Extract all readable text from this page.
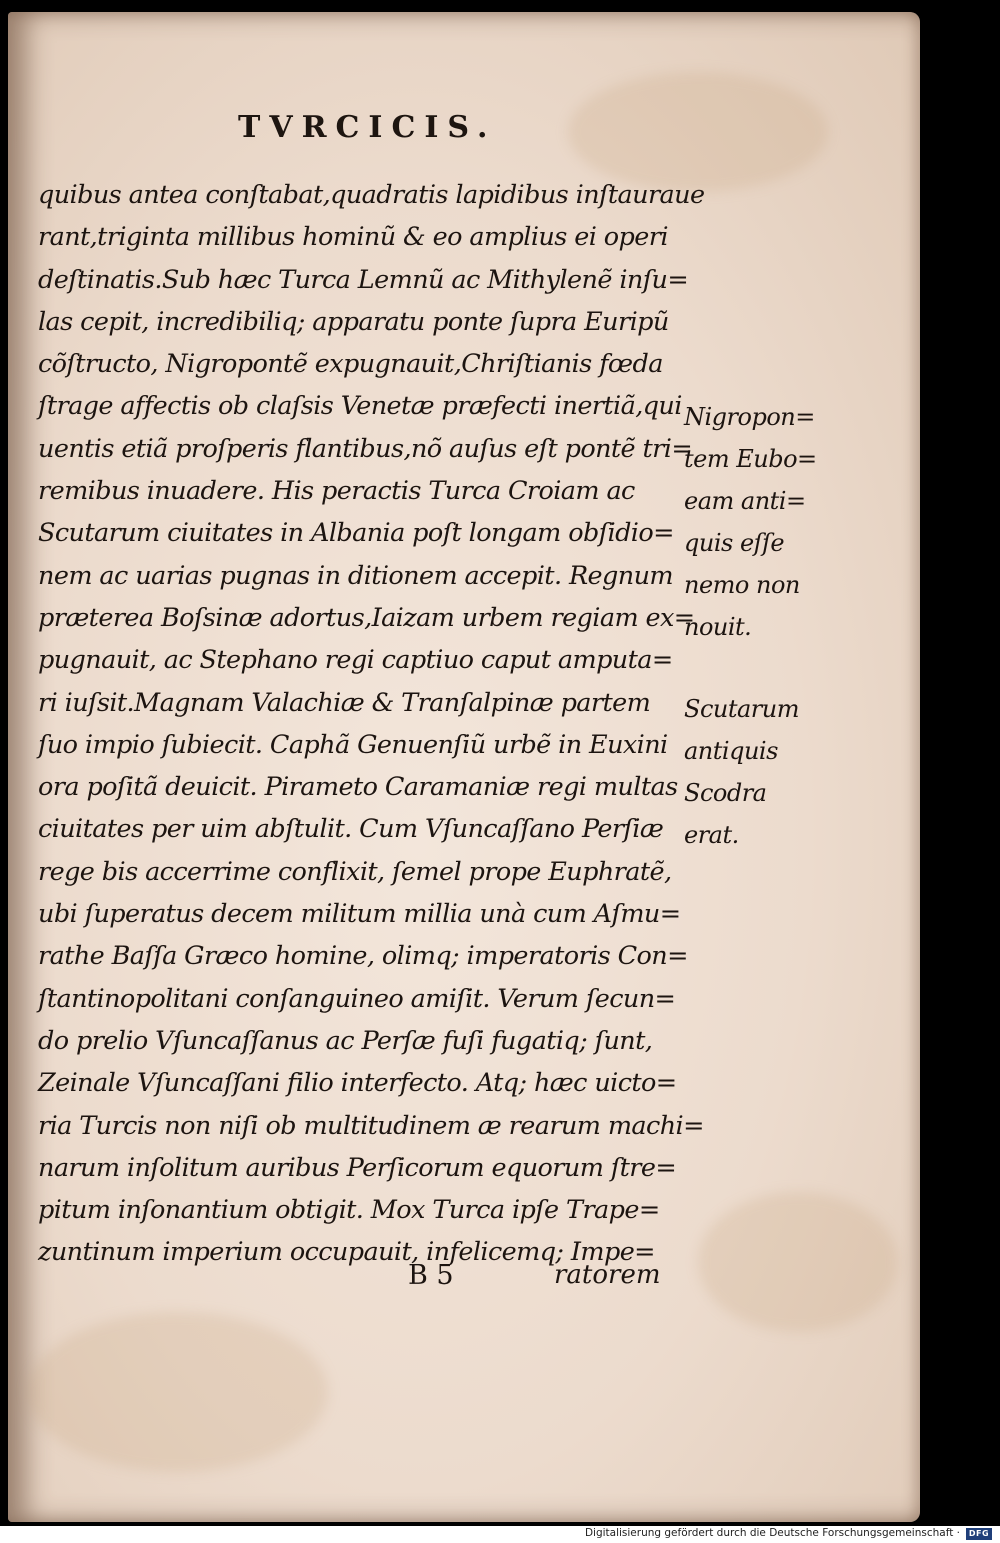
TVRCICIS.
quibus antea conſtabat,quadratis lapidibus inſtauraue
rant,triginta millibus hominũ & eo amplius ei operi
deſtinatis.Sub hæc Turca Lemnũ ac Mithylenẽ inſu=
las cepit, incredibiliq; apparatu ponte ſupra Euripũ
cõſtructo, Nigropontẽ expugnauit,Chriſtianis fœda
ſtrage affectis ob claſsis Venetæ præfecti inertiã,qui
uentis etiã proſperis flantibus,nõ auſus eſt pontẽ tri=
remibus inuadere. His peractis Turca Croiam ac
Scutarum ciuitates in Albania poſt longam obſidio=
nem ac uarias pugnas in ditionem accepit. Regnum
præterea Boſsinæ adortus,Iaizam urbem regiam ex=
pugnauit, ac Stephano regi captiuo caput amputa=
ri iuſsit.Magnam Valachiæ & Tranſalpinæ partem
ſuo impio ſubiecit. Caphã Genuenſiũ urbẽ in Euxini
ora poſitã deuicit. Pirameto Caramaniæ regi multas
ciuitates per uim abſtulit. Cum Vſuncaſſano Perſiæ
rege bis accerrime conflixit, ſemel prope Euphratẽ,
ubi ſuperatus decem militum millia unà cum Aſmu=
rathe Baſſa Græco homine, olimq; imperatoris Con=
ſtantinopolitani conſanguineo amiſit. Verum ſecun=
do prelio Vſuncaſſanus ac Perſæ fuſi fugatiq; ſunt,
Zeinale Vſuncaſſani filio interfecto. Atq; hæc uicto=
ria Turcis non niſi ob multitudinem æ rearum machi=
narum inſolitum auribus Perſicorum equorum ſtre=
pitum inſonantium obtigit. Mox Turca ipſe Trape=
zuntinum imperium occupauit, infelicemq; Impe=
Nigropon=
tem Eubo=
eam anti=
quis eſſe
nemo non
nouit.
Scutarum
antiquis
Scodra
erat.
B 5	ratorem
Digitalisierung gefördert durch die Deutsche Forschungsgemeinschaft ·	DFG
